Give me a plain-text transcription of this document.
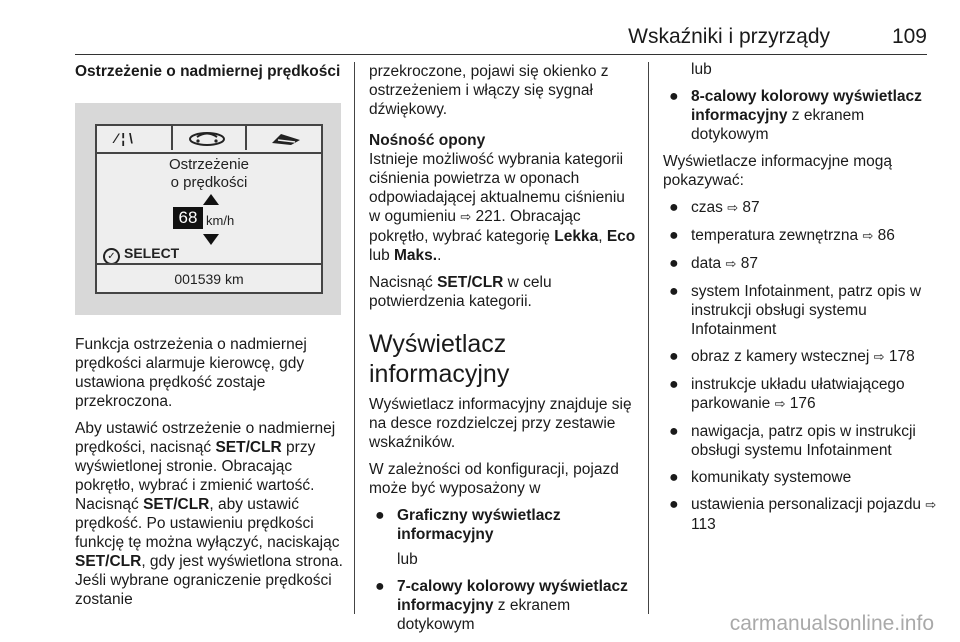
Wskaźniki i przyrządy	109
Ostrzeżenie o nadmiernej prędkości
⁄ ¦ \
Ostrzeżenie
o prędkości
68 km/h
✓ SELECT
001539 km

Funkcja ostrzeżenia o nadmiernej prędkości alarmuje kierowcę, gdy ustawiona prędkość zostaje przekroczona.

Aby ustawić ostrzeżenie o nadmiernej prędkości, nacisnąć SET/CLR przy wyświetlonej stronie. Obracając pokrętło, wybrać i zmienić wartość. Nacisnąć SET/CLR, aby ustawić prędkość. Po ustawieniu prędkości funkcję tę można wyłączyć, naciskając SET/CLR, gdy jest wyświetlona strona. Jeśli wybrane ograniczenie prędkości zostanie

przekroczone, pojawi się okienko z ostrzeżeniem i włączy się sygnał dźwiękowy.

Nośność opony

Istnieje możliwość wybrania kategorii ciśnienia powietrza w oponach odpowiadającej aktualnemu ciśnieniu w ogumieniu ⇨ 221. Obracając pokrętło, wybrać kategorię Lekka, Eco lub Maks..

Nacisnąć SET/CLR w celu potwierdzenia kategorii.

Wyświetlacz informacyjny

Wyświetlacz informacyjny znajduje się na desce rozdzielczej przy zestawie wskaźników.

W zależności od konfiguracji, pojazd może być wyposażony w

● Graficzny wyświetlacz informacyjny
lub
● 7-calowy kolorowy wyświetlacz informacyjny z ekranem dotykowym
lub
● 8-calowy kolorowy wyświetlacz informacyjny z ekranem dotykowym

Wyświetlacze informacyjne mogą pokazywać:

● czas ⇨ 87
● temperatura zewnętrzna ⇨ 86
● data ⇨ 87
● system Infotainment, patrz opis w instrukcji obsługi systemu Infotainment
● obraz z kamery wstecznej ⇨ 178
● instrukcje układu ułatwiającego parkowanie ⇨ 176
● nawigacja, patrz opis w instrukcji obsługi systemu Infotainment
● komunikaty systemowe
● ustawienia personalizacji pojazdu ⇨ 113
carmanualsonline.info
